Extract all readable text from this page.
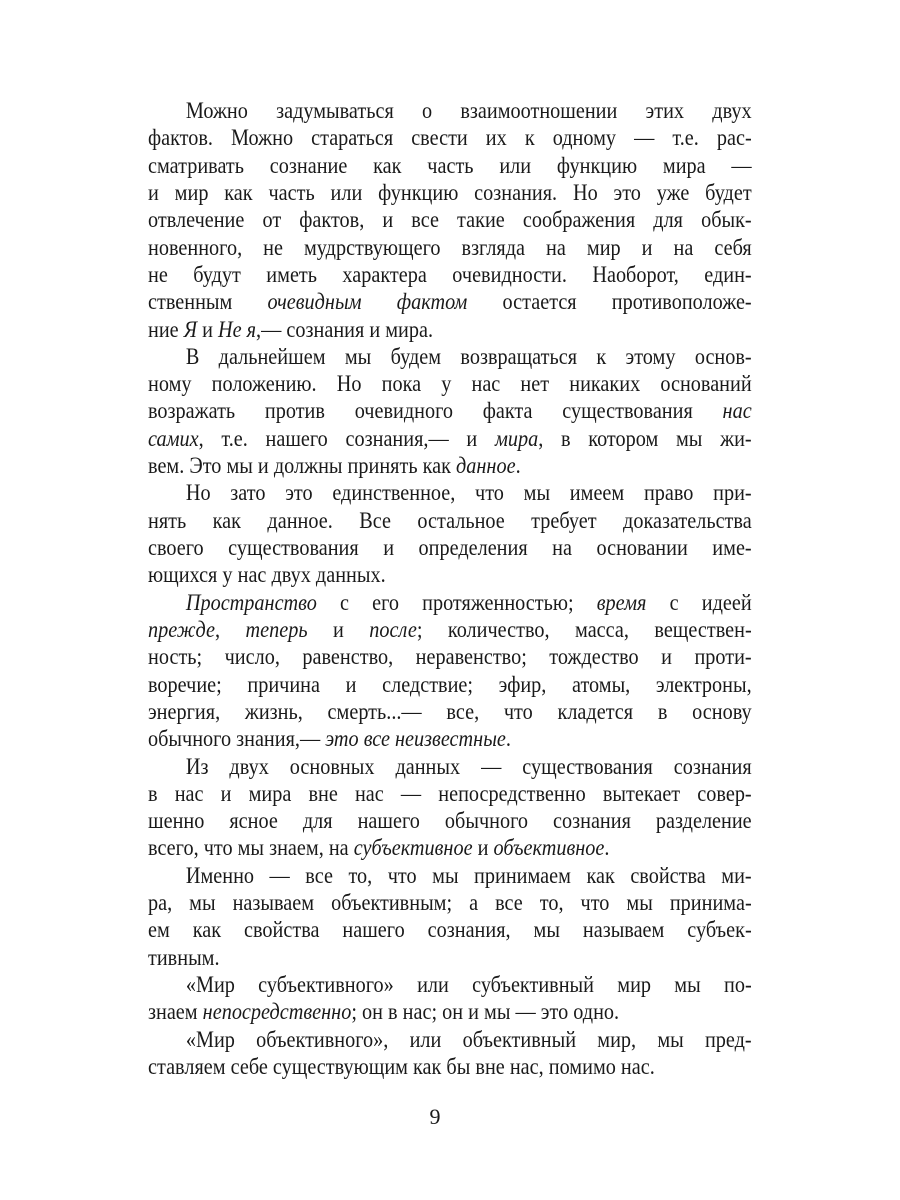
Можно задумываться о взаимоотношении этих двух
фактов. Можно стараться свести их к одному — т.е. рас-
сматривать сознание как часть или функцию мира —
и мир как часть или функцию сознания. Но это уже будет
отвлечение от фактов, и все такие соображения для обык-
новенного, не мудрствующего взгляда на мир и на себя
не будут иметь характера очевидности. Наоборот, един-
ственным очевидным фактом остается противоположе-
ние Я и Не я,— сознания и мира.
В дальнейшем мы будем возвращаться к этому основ-
ному положению. Но пока у нас нет никаких оснований
возражать против очевидного факта существования нас
самих, т.е. нашего сознания,— и мира, в котором мы жи-
вем. Это мы и должны принять как данное.
Но зато это единственное, что мы имеем право при-
нять как данное. Все остальное требует доказательства
своего существования и определения на основании име-
ющихся у нас двух данных.
Пространство с его протяженностью; время с идеей
прежде, теперь и после; количество, масса, веществен-
ность; число, равенство, неравенство; тождество и проти-
воречие; причина и следствие; эфир, атомы, электроны,
энергия, жизнь, смерть...— все, что кладется в основу
обычного знания,— это все неизвестные.
Из двух основных данных — существования сознания
в нас и мира вне нас — непосредственно вытекает совер-
шенно ясное для нашего обычного сознания разделение
всего, что мы знаем, на субъективное и объективное.
Именно — все то, что мы принимаем как свойства ми-
ра, мы называем объективным; а все то, что мы принима-
ем как свойства нашего сознания, мы называем субъек-
тивным.
«Мир субъективного» или субъективный мир мы по-
знаем непосредственно; он в нас; он и мы — это одно.
«Мир объективного», или объективный мир, мы пред-
ставляем себе существующим как бы вне нас, помимо нас.
9
